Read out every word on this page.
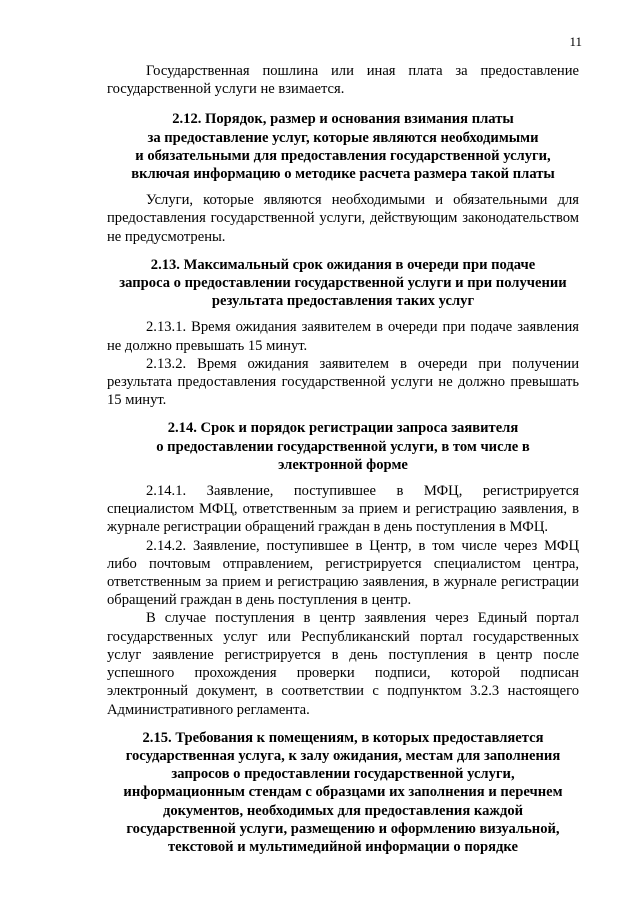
11

Государственная пошлина или иная плата за предоставление государственной услуги не взимается.

2.12. Порядок, размер и основания взимания платы
за предоставление услуг, которые являются необходимыми
и обязательными для предоставления государственной услуги,
включая информацию о методике расчета размера такой платы

Услуги, которые являются необходимыми и обязательными для предоставления государственной услуги, действующим законодательством не предусмотрены.

2.13. Максимальный срок ожидания в очереди при подаче
запроса о предоставлении государственной услуги и при получении
результата предоставления таких услуг

2.13.1. Время ожидания заявителем в очереди при подаче заявления не должно превышать 15 минут.

2.13.2. Время ожидания заявителем в очереди при получении результата предоставления государственной услуги не должно превышать 15 минут.

2.14. Срок и порядок регистрации запроса заявителя
о предоставлении государственной услуги, в том числе в
электронной форме

2.14.1. Заявление, поступившее в МФЦ, регистрируется специалистом МФЦ, ответственным за прием и регистрацию заявления, в журнале регистрации обращений граждан в день поступления в МФЦ.

2.14.2. Заявление, поступившее в Центр, в том числе через МФЦ либо почтовым отправлением, регистрируется специалистом центра, ответственным за прием и регистрацию заявления, в журнале регистрации обращений граждан в день поступления в центр.

В случае поступления в центр заявления через Единый портал государственных услуг или Республиканский портал государственных услуг заявление регистрируется в день поступления в центр после успешного прохождения проверки подписи, которой подписан электронный документ, в соответствии с подпунктом 3.2.3 настоящего Административного регламента.

2.15. Требования к помещениям, в которых предоставляется
государственная услуга, к залу ожидания, местам для заполнения
запросов о предоставлении государственной услуги,
информационным стендам с образцами их заполнения и перечнем
документов, необходимых для предоставления каждой
государственной услуги, размещению и оформлению визуальной,
текстовой и мультимедийной информации о порядке
